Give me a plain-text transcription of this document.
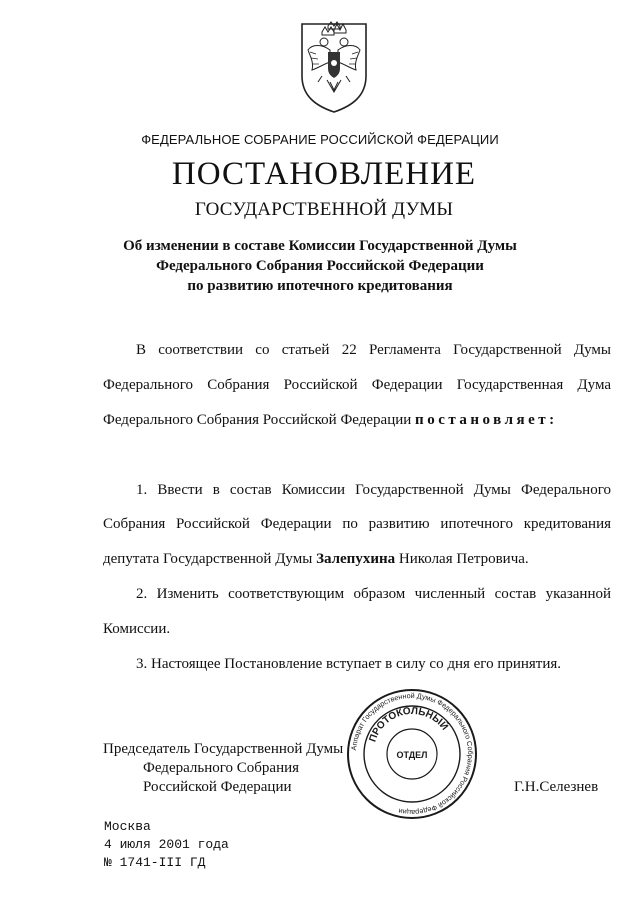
ФЕДЕРАЛЬНОЕ СОБРАНИЕ РОССИЙСКОЙ ФЕДЕРАЦИИ
ПОСТАНОВЛЕНИЕ
ГОСУДАРСТВЕННОЙ ДУМЫ
Об изменении в составе Комиссии Государственной Думы
Федерального Собрания Российской Федерации
по развитию ипотечного кредитования
В соответствии со статьей 22 Регламента Государственной Думы
Федерального Собрания Российской Федерации Государственная Дума
Федерального Собрания Российской Федерации постановляет:
1. Ввести в состав Комиссии Государственной Думы Федерального
Собрания Российской Федерации по развитию ипотечного кредитования
депутата Государственной Думы Залепухина Николая Петровича.
2. Изменить соответствующим образом численный состав указанной
Комиссии.
3. Настоящее Постановление вступает в силу со дня его принятия.
Председатель Государственной Думы
Федерального Собрания
Российской Федерации	Г.Н.Селезнев
Аппарат Государственной Думы Федерального Собрания Российской Федерации
ПРОТОКОЛЬНЫЙ
ОТДЕЛ
Москва
4 июля 2001 года
№ 1741-III ГД
